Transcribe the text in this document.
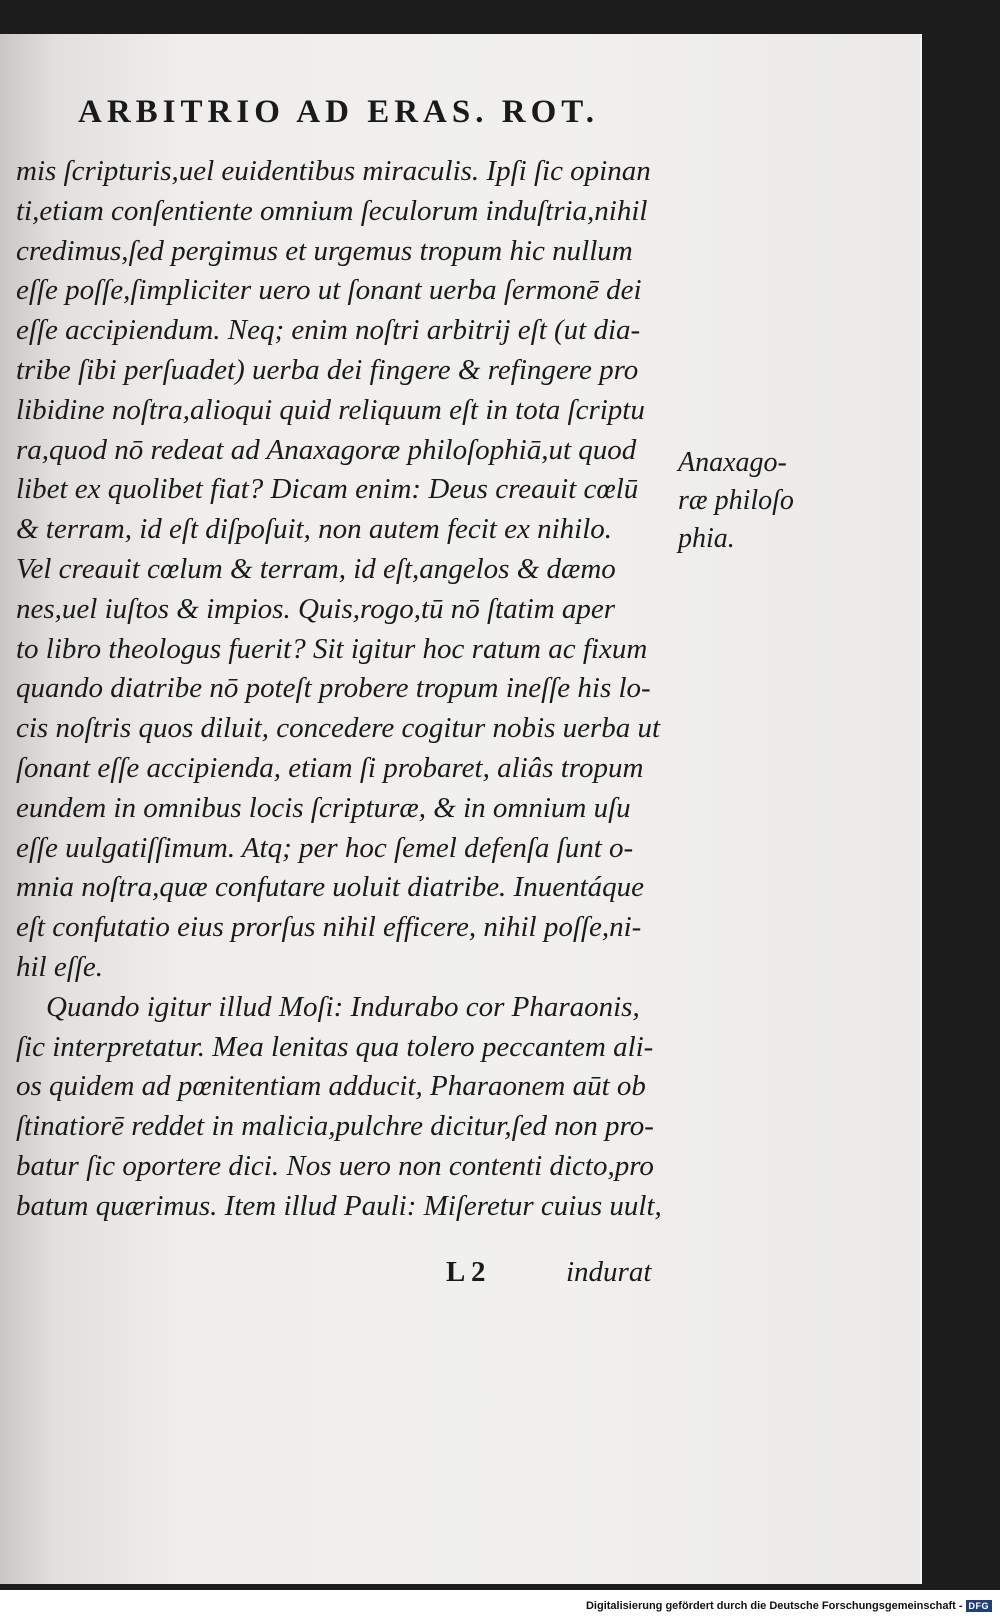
ARBITRIO AD ERAS. ROT.
mis ſcripturis,uel euidentibus miraculis. Ipſi ſic opinan
ti,etiam conſentiente omnium ſeculorum induſtria,nihil
credimus,ſed pergimus et urgemus tropum hic nullum
eſſe poſſe,ſimpliciter uero ut ſonant uerba ſermonē dei
eſſe accipiendum. Neq; enim noſtri arbitrij eſt (ut dia-
tribe ſibi perſuadet) uerba dei fingere & refingere pro
libidine noſtra,alioqui quid reliquum eſt in tota ſcriptu
ra,quod nō redeat ad Anaxagoræ philoſophiā,ut quod
libet ex quolibet fiat? Dicam enim: Deus creauit cœlū
& terram, id eſt diſpoſuit, non autem fecit ex nihilo.
Vel creauit cœlum & terram, id eſt,angelos & dæmo
nes,uel iuſtos & impios. Quis,rogo,tū nō ſtatim aper
to libro theologus fuerit? Sit igitur hoc ratum ac fixum
quando diatribe nō poteſt probere tropum ineſſe his lo-
cis noſtris quos diluit, concedere cogitur nobis uerba ut
ſonant eſſe accipienda, etiam ſi probaret, aliâs tropum
eundem in omnibus locis ſcripturæ, & in omnium uſu
eſſe uulgatiſſimum. Atq; per hoc ſemel defenſa ſunt o-
mnia noſtra,quæ confutare uoluit diatribe. Inuentáque
eſt confutatio eius prorſus nihil efficere, nihil poſſe,ni-
hil eſſe.
Quando igitur illud Moſi: Indurabo cor Pharaonis,
ſic interpretatur. Mea lenitas qua tolero peccantem ali-
os quidem ad pœnitentiam adducit, Pharaonem aūt ob
ſtinatiorē reddet in malicia,pulchre dicitur,ſed non pro-
batur ſic oportere dici. Nos uero non contenti dicto,pro
batum quærimus. Item illud Pauli: Miſeretur cuius uult,
Anaxago-
ræ philoſo
phia.
L 2	indurat
Digitalisierung gefördert durch die Deutsche Forschungsgemeinschaft - DFG
